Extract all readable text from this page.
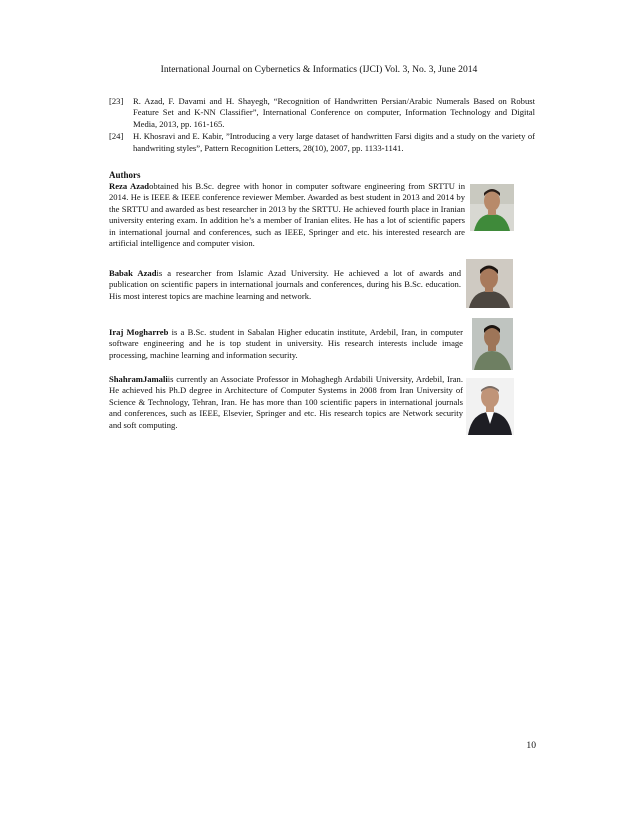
International Journal on Cybernetics & Informatics (IJCI) Vol. 3, No. 3, June 2014
[23] R. Azad, F. Davami and H. Shayegh, “Recognition of Handwritten Persian/Arabic Numerals Based on Robust Feature Set and K-NN Classifier”, International Conference on computer, Information Technology and Digital Media, 2013, pp. 161-165.
[24] H. Khosravi and E. Kabir, ”Introducing a very large dataset of handwritten Farsi digits and a study on the variety of handwriting styles”, Pattern Recognition Letters, 28(10), 2007, pp. 1133-1141.
Authors
Reza Azadobtained his B.Sc. degree with honor in computer software engineering from SRTTU in 2014. He is IEEE & IEEE conference reviewer Member. Awarded as best student in 2013 and 2014 by the SRTTU and awarded as best researcher in 2013 by the SRTTU. He achieved fourth place in Iranian university entering exam. In addition he’s a member of Iranian elites. He has a lot of scientific papers in international journal and conferences, such as IEEE, Springer and etc. his interested research are artificial intelligence and computer vision.
Babak Azadis a researcher from Islamic Azad University. He achieved a lot of awards and publication on scientific papers in international journals and conferences, during his B.Sc. education. His most interest topics are machine learning and network.
Iraj Mogharreb is a B.Sc. student in Sabalan Higher educatin institute, Ardebil, Iran, in computer software engineering and he is top student in university. His research interests include image processing, machine learning and information security.
ShahramJamaliis currently an Associate Professor in Mohaghegh Ardabili University, Ardebil, Iran. He achieved his Ph.D degree in Architecture of Computer Systems in 2008 from Iran University of Science & Technology, Tehran, Iran. He has more than 100 scientific papers in international journals and conferences, such as IEEE, Elsevier, Springer and etc. His research topics are Network security and soft computing.
10
